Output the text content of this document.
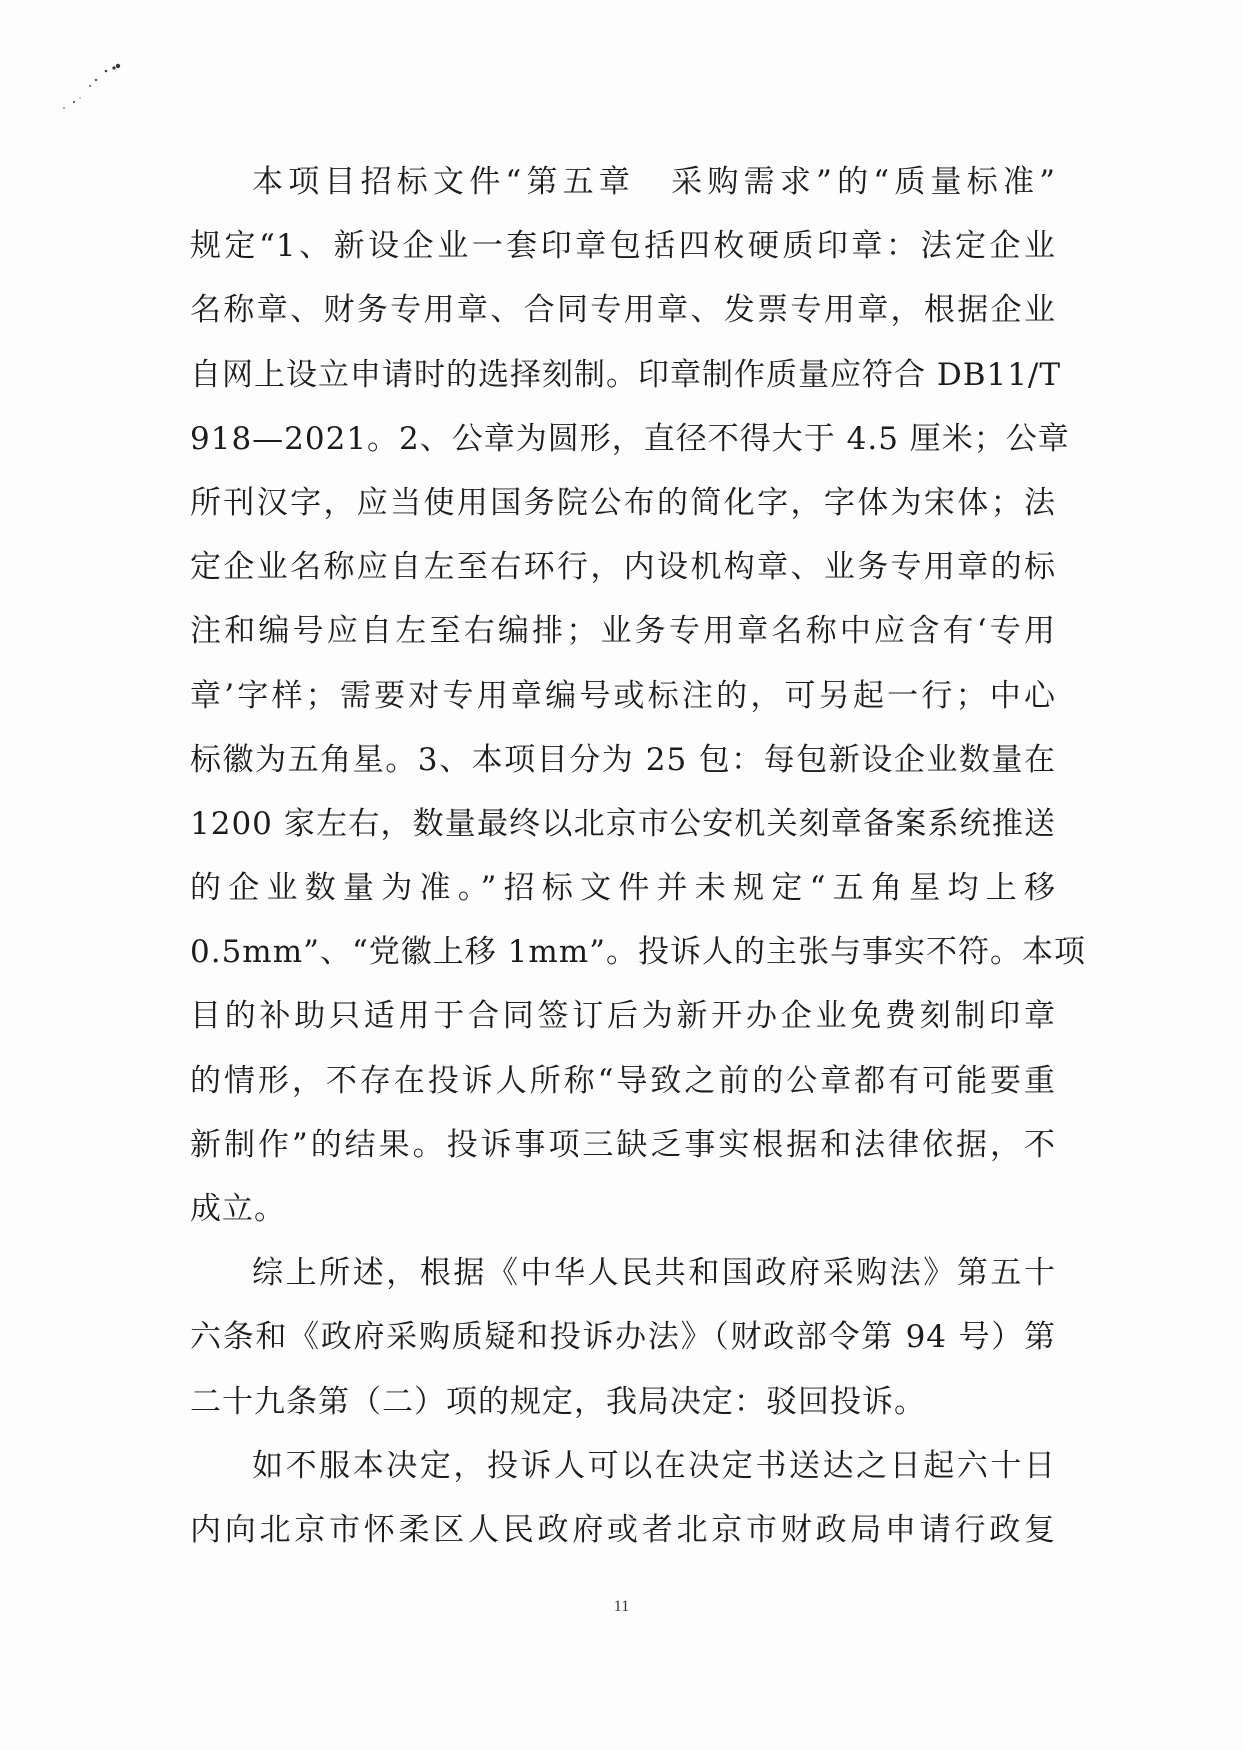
本项目招标文件“第五章　采购需求”的“质量标准”
规定“1、新设企业一套印章包括四枚硬质印章：法定企业
名称章、财务专用章、合同专用章、发票专用章，根据企业
自网上设立申请时的选择刻制。印章制作质量应符合 DB11/T
918—2021。2、公章为圆形，直径不得大于 4.5 厘米；公章
所刊汉字，应当使用国务院公布的简化字，字体为宋体；法
定企业名称应自左至右环行，内设机构章、业务专用章的标
注和编号应自左至右编排；业务专用章名称中应含有‘专用
章’字样；需要对专用章编号或标注的，可另起一行；中心
标徽为五角星。3、本项目分为 25 包：每包新设企业数量在
1200 家左右，数量最终以北京市公安机关刻章备案系统推送
的企业数量为准。”招标文件并未规定“五角星均上移
0.5mm”、“党徽上移 1mm”。投诉人的主张与事实不符。本项
目的补助只适用于合同签订后为新开办企业免费刻制印章
的情形，不存在投诉人所称“导致之前的公章都有可能要重
新制作”的结果。投诉事项三缺乏事实根据和法律依据，不
成立。
综上所述，根据《中华人民共和国政府采购法》第五十
六条和《政府采购质疑和投诉办法》（财政部令第 94 号）第
二十九条第（二）项的规定，我局决定：驳回投诉。
如不服本决定，投诉人可以在决定书送达之日起六十日
内向北京市怀柔区人民政府或者北京市财政局申请行政复
11
